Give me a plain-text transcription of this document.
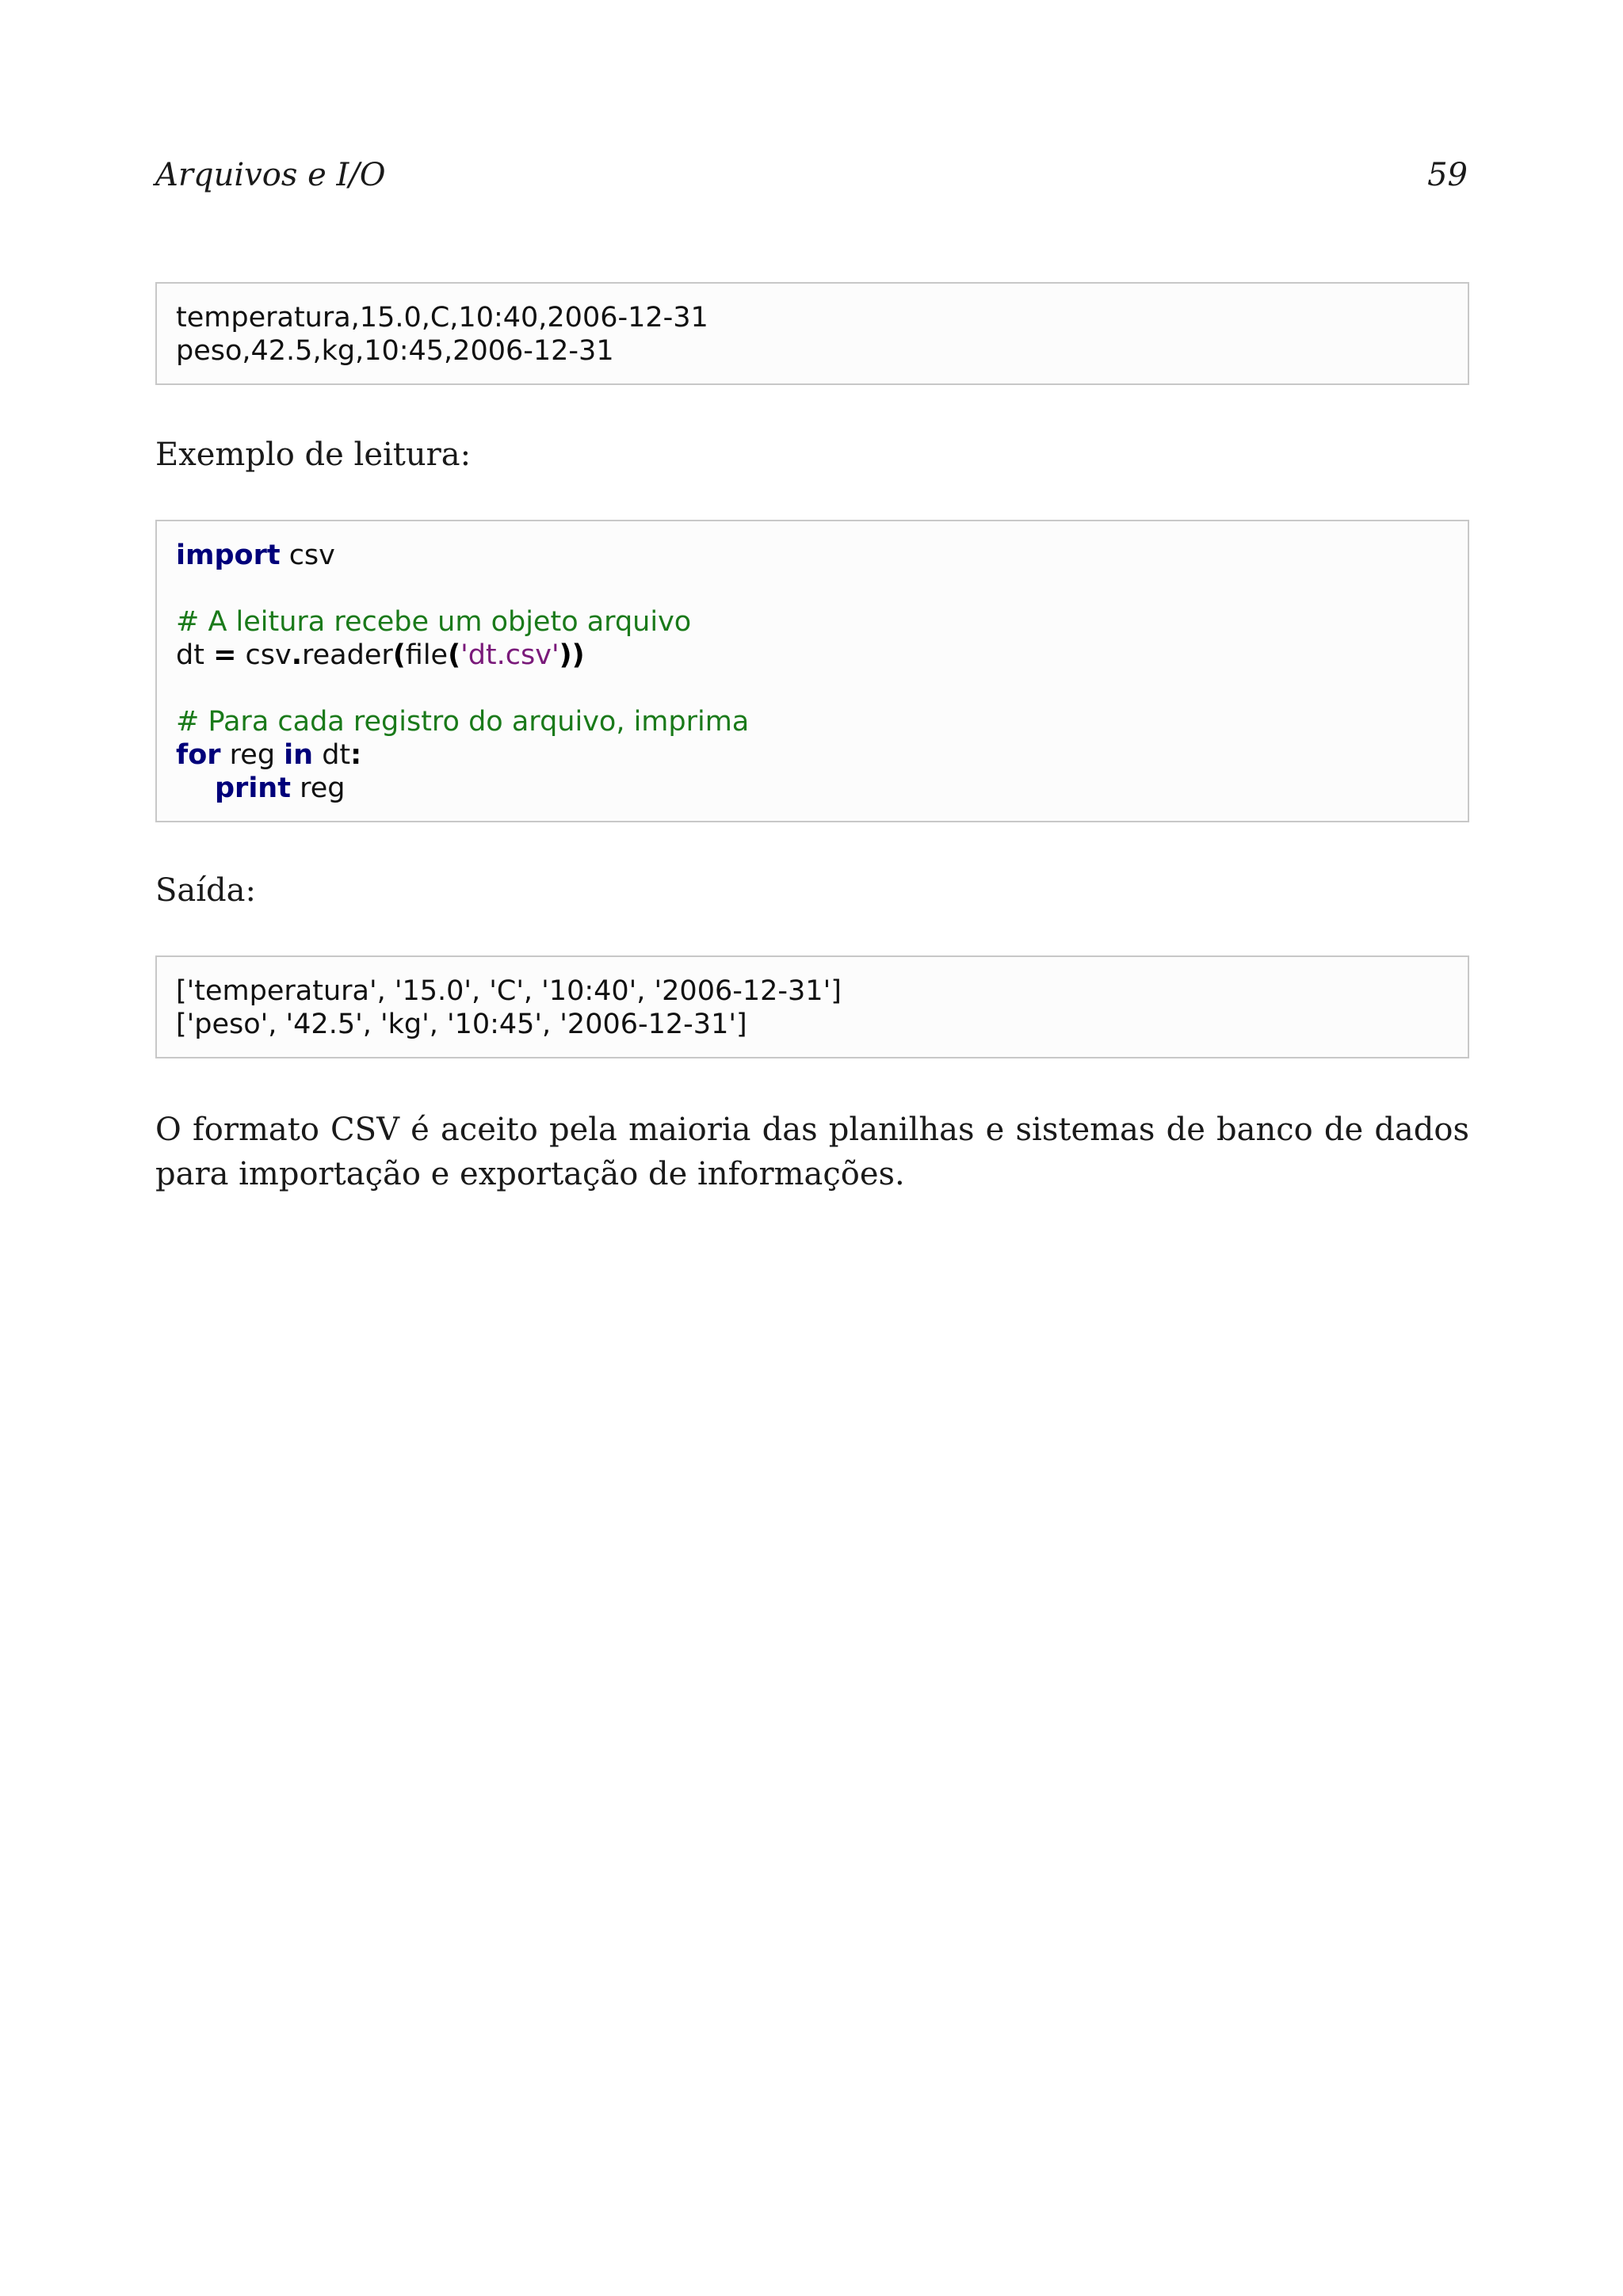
Arquivos e I/O	59
temperatura,15.0,C,10:40,2006-12-31
peso,42.5,kg,10:45,2006-12-31
Exemplo de leitura:
import csv
# A leitura recebe um objeto arquivo
dt = csv.reader(file('dt.csv'))
# Para cada registro do arquivo, imprima
for reg in dt:
print reg
Saída:
['temperatura', '15.0', 'C', '10:40', '2006-12-31']
['peso', '42.5', 'kg', '10:45', '2006-12-31']
O formato CSV é aceito pela maioria das planilhas e sistemas de banco de dados para importação e exportação de informações.
